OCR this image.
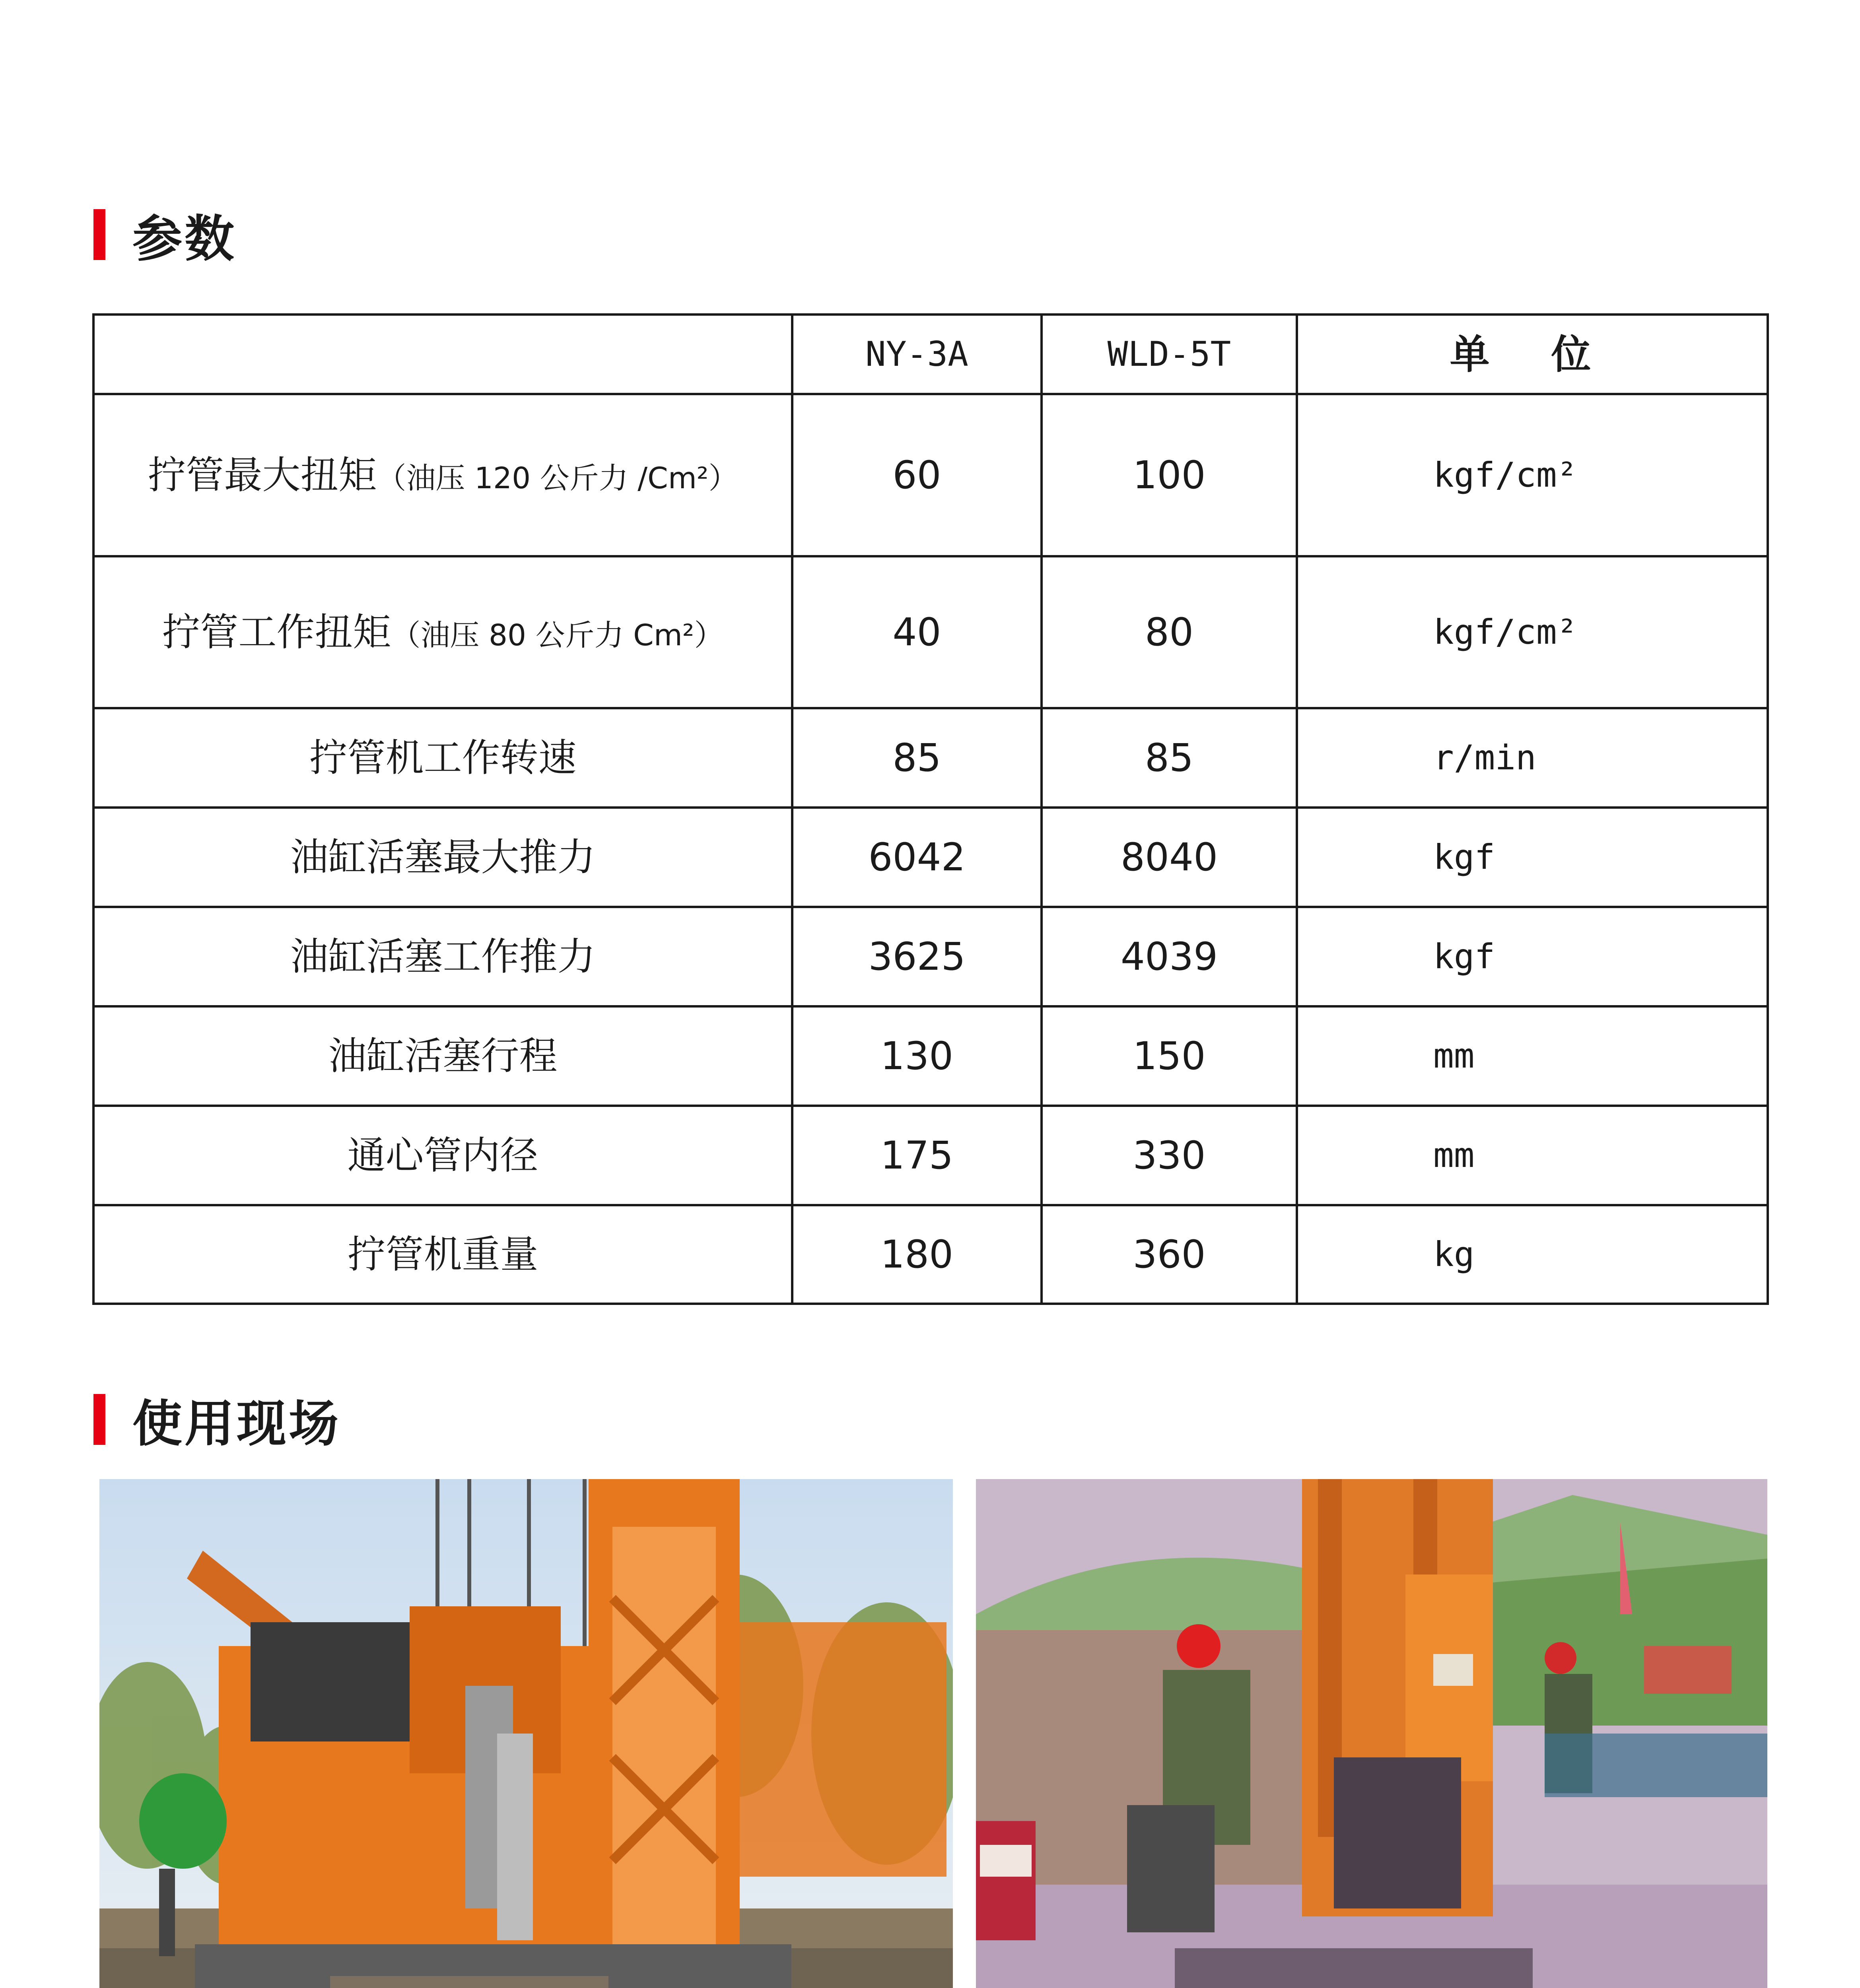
参数
	NY-3A	WLD-5T	单 位
拧管最大扭矩（油压 120 公斤力 /Cm²）	60	100	kgf/cm²
拧管工作扭矩（油压 80 公斤力 Cm²）	40	80	kgf/cm²
拧管机工作转速	85	85	r/min
油缸活塞最大推力	6042	8040	kgf
油缸活塞工作推力	3625	4039	kgf
油缸活塞行程	130	150	mm
通心管内径	175	330	mm
拧管机重量	180	360	kg
使用现场
